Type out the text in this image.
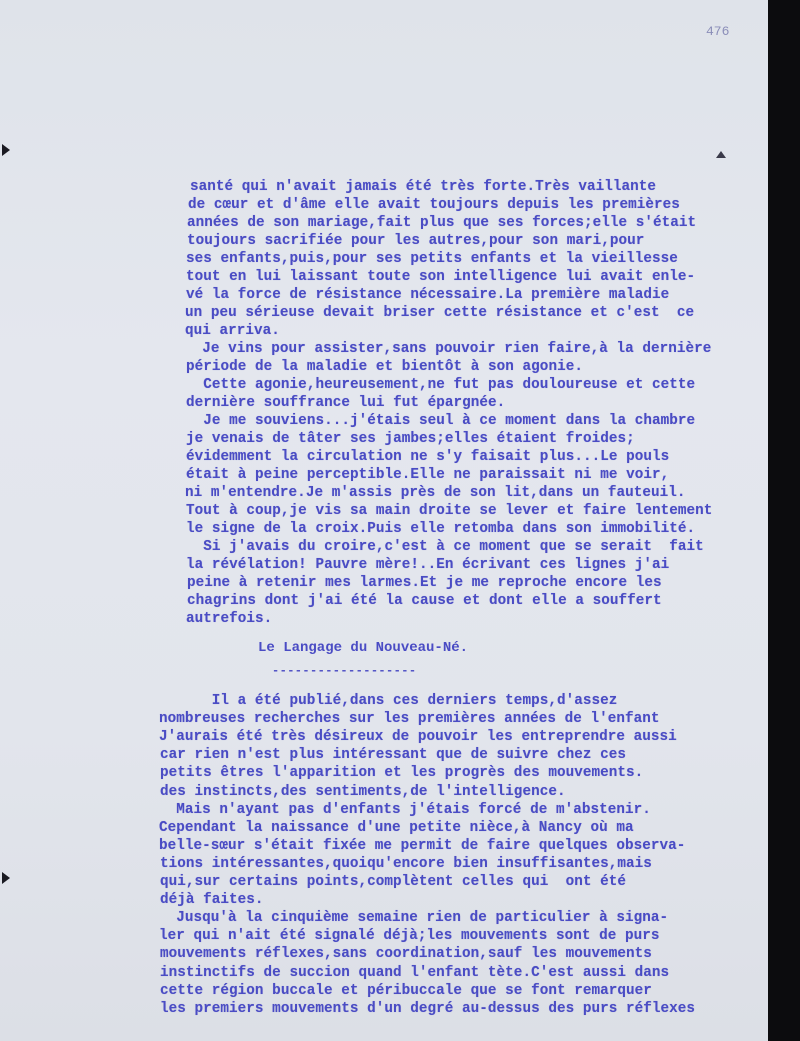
476
santé qui n'avait jamais été très forte.Très vaillante
de cœur et d'âme elle avait toujours depuis les premières
années de son mariage,fait plus que ses forces;elle s'était
toujours sacrifiée pour les autres,pour son mari,pour
ses enfants,puis,pour ses petits enfants et la vieillesse
tout en lui laissant toute son intelligence lui avait enle-
vé la force de résistance nécessaire.La première maladie
un peu sérieuse devait briser cette résistance et c'est  ce
qui arriva.
Je vins pour assister,sans pouvoir rien faire,à la dernière
période de la maladie et bientôt à son agonie.
Cette agonie,heureusement,ne fut pas douloureuse et cette
dernière souffrance lui fut épargnée.
Je me souviens...j'étais seul à ce moment dans la chambre
je venais de tâter ses jambes;elles étaient froides;
évidemment la circulation ne s'y faisait plus...Le pouls
était à peine perceptible.Elle ne paraissait ni me voir,
ni m'entendre.Je m'assis près de son lit,dans un fauteuil.
Tout à coup,je vis sa main droite se lever et faire lentement
le signe de la croix.Puis elle retomba dans son immobilité.
Si j'avais du croire,c'est à ce moment que se serait  fait
la révélation! Pauvre mère!..En écrivant ces lignes j'ai
peine à retenir mes larmes.Et je me reproche encore les
chagrins dont j'ai été la cause et dont elle a souffert
autrefois.
Le Langage du Nouveau-Né.
-------------------
Il a été publié,dans ces derniers temps,d'assez
nombreuses recherches sur les premières années de l'enfant
J'aurais été très désireux de pouvoir les entreprendre aussi
car rien n'est plus intéressant que de suivre chez ces
petits êtres l'apparition et les progrès des mouvements.
des instincts,des sentiments,de l'intelligence.
Mais n'ayant pas d'enfants j'étais forcé de m'abstenir.
Cependant la naissance d'une petite nièce,à Nancy où ma
belle-sœur s'était fixée me permit de faire quelques observa-
tions intéressantes,quoiqu'encore bien insuffisantes,mais
qui,sur certains points,complètent celles qui  ont été
déjà faites.
Jusqu'à la cinquième semaine rien de particulier à signa-
ler qui n'ait été signalé déjà;les mouvements sont de purs
mouvements réflexes,sans coordination,sauf les mouvements
instinctifs de succion quand l'enfant tète.C'est aussi dans
cette région buccale et péribuccale que se font remarquer
les premiers mouvements d'un degré au-dessus des purs réflexes
